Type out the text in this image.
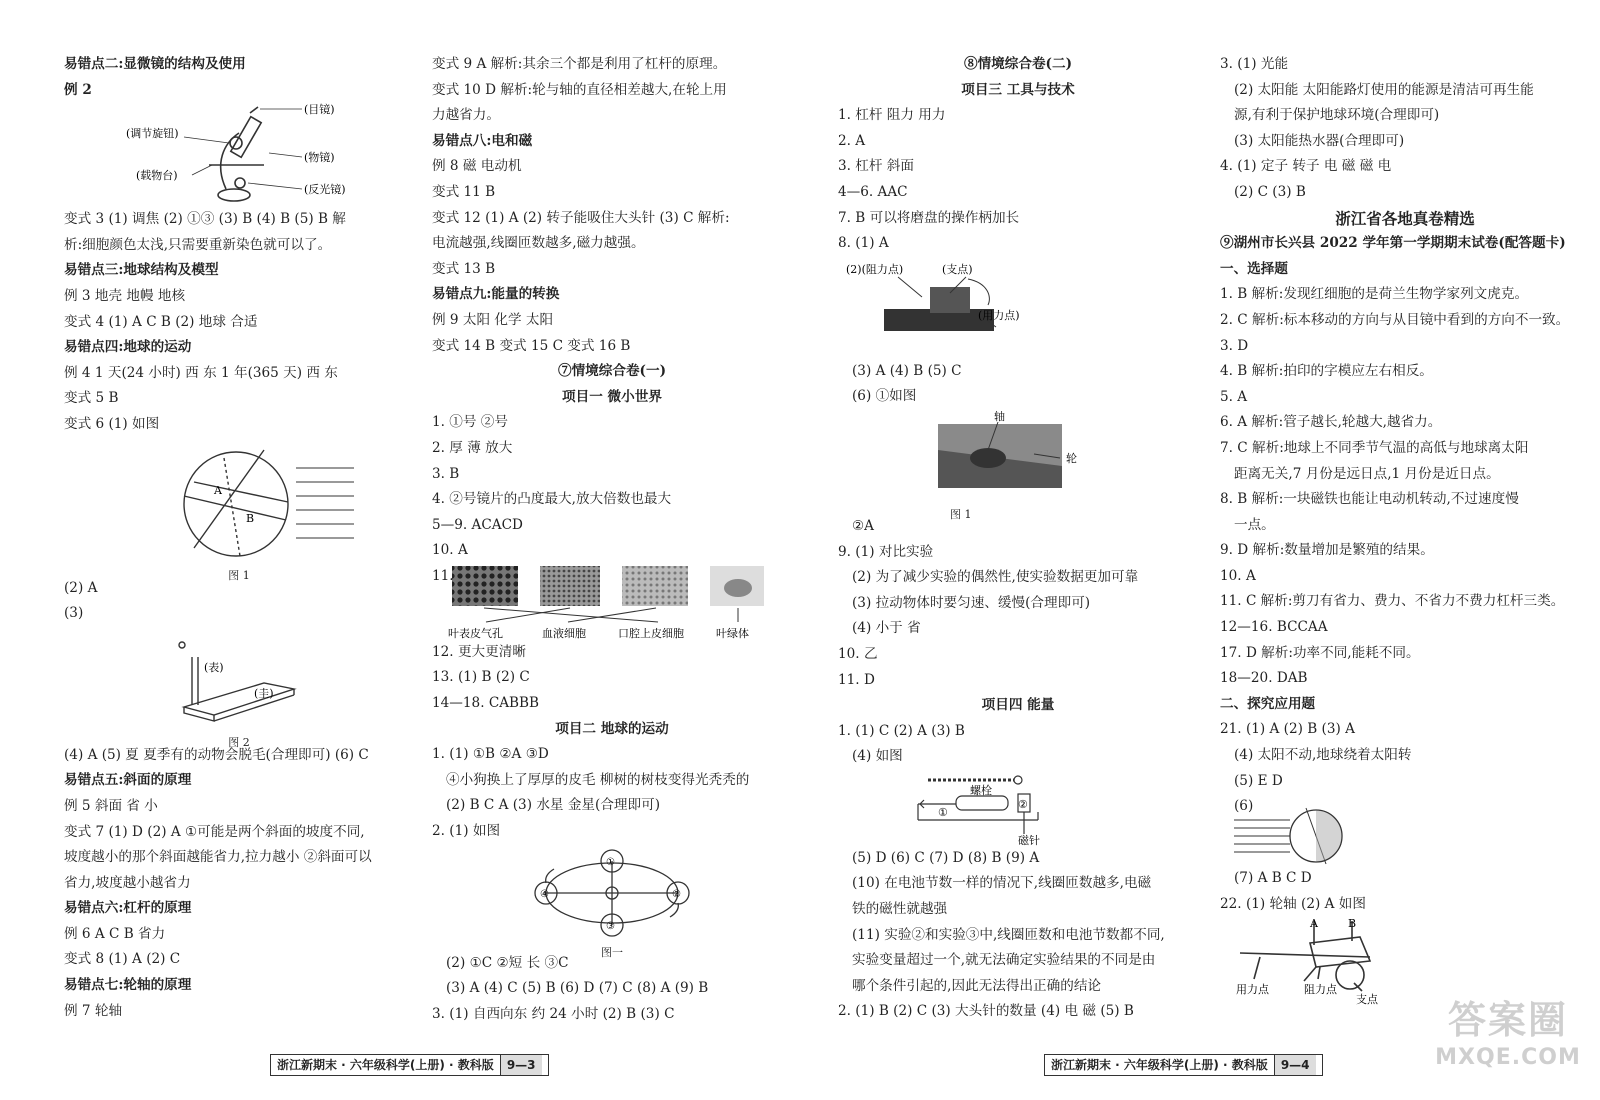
易错点二:显微镜的结构及使用
例 2
(目镜)
(调节旋钮)
(物镜)
(载物台)
(反光镜)
变式 3 (1) 调焦 (2) ①③ (3) B (4) B (5) B 解
析:细胞颜色太浅,只需要重新染色就可以了。
易错点三:地球结构及模型
例 3 地壳 地幔 地核
变式 4 (1) A C B (2) 地球 合适
易错点四:地球的运动
例 4 1 天(24 小时) 西 东 1 年(365 天) 西 东
变式 5 B
变式 6 (1) 如图
A
B
图 1
(2) A
(3)
(表)
(圭)
图 2
(4) A (5) 夏 夏季有的动物会脱毛(合理即可) (6) C
易错点五:斜面的原理
例 5 斜面 省 小
变式 7 (1) D (2) A ①可能是两个斜面的坡度不同,
坡度越小的那个斜面越能省力,拉力越小 ②斜面可以
省力,坡度越小越省力
易错点六:杠杆的原理
例 6 A C B 省力
变式 8 (1) A (2) C
易错点七:轮轴的原理
例 7 轮轴
变式 9 A 解析:其余三个都是利用了杠杆的原理。
变式 10 D 解析:轮与轴的直径相差越大,在轮上用
力越省力。
易错点八:电和磁
例 8 磁 电动机
变式 11 B
变式 12 (1) A (2) 转子能吸住大头针 (3) C 解析:
电流越强,线圈匝数越多,磁力越强。
变式 13 B
易错点九:能量的转换
例 9 太阳 化学 太阳
变式 14 B 变式 15 C 变式 16 B
⑦情境综合卷(一)
项目一 微小世界
1. ①号 ②号
2. 厚 薄 放大
3. B
4. ②号镜片的凸度最大,放大倍数也最大
5—9. ACACD
10. A
11.
叶表皮气孔	血液细胞	口腔上皮细胞	叶绿体
12. 更大更清晰
13. (1) B (2) C
14—18. CABBB
项目二 地球的运动
1. (1) ①B ②A ③D
④小狗换上了厚厚的皮毛 柳树的树枝变得光秃秃的
(2) B C A (3) 水星 金星(合理即可)
2. (1) 如图
①
②
③
④
图一
(2) ①C ②短 长 ③C
(3) A (4) C (5) B (6) D (7) C (8) A (9) B
3. (1) 自西向东 约 24 小时 (2) B (3) C
⑧情境综合卷(二)
项目三 工具与技术
1. 杠杆 阻力 用力
2. A
3. 杠杆 斜面
4—6. AAC
7. B 可以将磨盘的操作柄加长
8. (1) A
(2)(阻力点)	(支点)
(用力点)
(3) A (4) B (5) C
(6) ①如图
轴
轮
图 1
②A
9. (1) 对比实验
(2) 为了减少实验的偶然性,使实验数据更加可靠
(3) 拉动物体时要匀速、缓慢(合理即可)
(4) 小于 省
10. 乙
11. D
项目四 能量
1. (1) C (2) A (3) B
(4) 如图
螺栓
①
②
磁针
(5) D (6) C (7) D (8) B (9) A
(10) 在电池节数一样的情况下,线圈匝数越多,电磁
铁的磁性就越强
(11) 实验②和实验③中,线圈匝数和电池节数都不同,
实验变量超过一个,就无法确定实验结果的不同是由
哪个条件引起的,因此无法得出正确的结论
2. (1) B (2) C (3) 大头针的数量 (4) 电 磁 (5) B
3. (1) 光能
(2) 太阳能 太阳能路灯使用的能源是清洁可再生能
源,有利于保护地球环境(合理即可)
(3) 太阳能热水器(合理即可)
4. (1) 定子 转子 电 磁 磁 电
(2) C (3) B
浙江省各地真卷精选
⑨湖州市长兴县 2022 学年第一学期期末试卷(配答题卡)
一、选择题
1. B 解析:发现红细胞的是荷兰生物学家列文虎克。
2. C 解析:标本移动的方向与从目镜中看到的方向不一致。
3. D
4. B 解析:拍印的字模应左右相反。
5. A
6. A 解析:管子越长,轮越大,越省力。
7. C 解析:地球上不同季节气温的高低与地球离太阳
距离无关,7 月份是远日点,1 月份是近日点。
8. B 解析:一块磁铁也能让电动机转动,不过速度慢
一点。
9. D 解析:数量增加是繁殖的结果。
10. A
11. C 解析:剪刀有省力、费力、不省力不费力杠杆三类。
12—16. BCCAA
17. D 解析:功率不同,能耗不同。
18—20. DAB
二、探究应用题
21. (1) A (2) B (3) A
(4) 太阳不动,地球绕着太阳转
(5) E D
(6)
(7) A B C D
22. (1) 轮轴 (2) A 如图
A	B
用力点	阻力点
支点
浙江新期末 · 六年级科学(上册) · 教科版 9—3	浙江新期末 · 六年级科学(上册) · 教科版 9—4
答案圈
MXQE.COM
